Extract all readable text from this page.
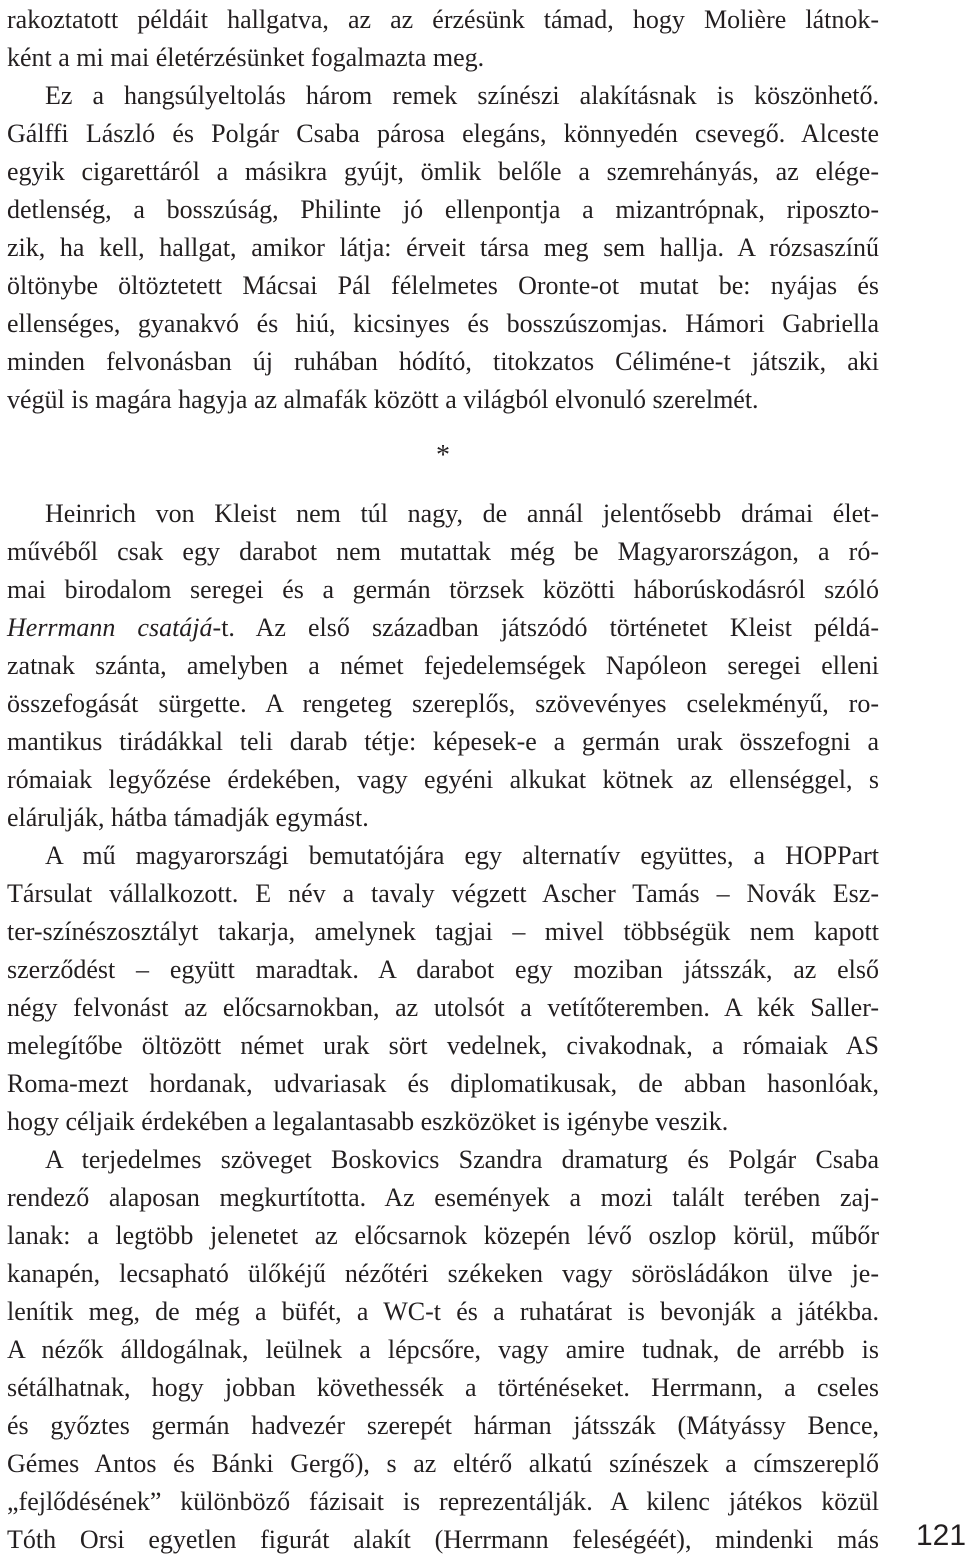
rakoztatott példáit hallgatva, az az érzésünk támad, hogy Molière látnok-
ként a mi mai életérzésünket fogalmazta meg.
Ez a hangsúlyeltolás három remek színészi alakításnak is köszönhető.
Gálffi László és Polgár Csaba párosa elegáns, könnyedén csevegő. Alceste
egyik cigarettáról a másikra gyújt, ömlik belőle a szemrehányás, az elége-
detlenség, a bosszúság, Philinte jó ellenpontja a mizantrópnak, riposzto-
zik, ha kell, hallgat, amikor látja: érveit társa meg sem hallja. A rózsaszínű
öltönybe öltöztetett Mácsai Pál félelmetes Oronte-ot mutat be: nyájas és
ellenséges, gyanakvó és hiú, kicsinyes és bosszúszomjas. Hámori Gabriella
minden felvonásban új ruhában hódító, titokzatos Céliméne-t játszik, aki
végül is magára hagyja az almafák között a világból elvonuló szerelmét.
*
Heinrich von Kleist nem túl nagy, de annál jelentősebb drámai élet-
művéből csak egy darabot nem mutattak még be Magyarországon, a ró-
mai birodalom seregei és a germán törzsek közötti háborúskodásról szóló
Herrmann csatájá-t. Az első században játszódó történetet Kleist példá-
zatnak szánta, amelyben a német fejedelemségek Napóleon seregei elleni
összefogását sürgette. A rengeteg szereplős, szövevényes cselekményű, ro-
mantikus tirádákkal teli darab tétje: képesek-e a germán urak összefogni a
rómaiak legyőzése érdekében, vagy egyéni alkukat kötnek az ellenséggel, s
elárulják, hátba támadják egymást.
A mű magyarországi bemutatójára egy alternatív együttes, a HOPPart
Társulat vállalkozott. E név a tavaly végzett Ascher Tamás – Novák Esz-
ter-színészosztályt takarja, amelynek tagjai – mivel többségük nem kapott
szerződést – együtt maradtak. A darabot egy moziban játsszák, az első
négy felvonást az előcsarnokban, az utolsót a vetítőteremben. A kék Saller-
melegítőbe öltözött német urak sört vedelnek, civakodnak, a rómaiak AS
Roma-mezt hordanak, udvariasak és diplomatikusak, de abban hasonlóak,
hogy céljaik érdekében a legalantasabb eszközöket is igénybe veszik.
A terjedelmes szöveget Boskovics Szandra dramaturg és Polgár Csaba
rendező alaposan megkurtította. Az események a mozi talált terében zaj-
lanak: a legtöbb jelenetet az előcsarnok közepén lévő oszlop körül, műbőr
kanapén, lecsapható ülőkéjű nézőtéri székeken vagy sörösládákon ülve je-
lenítik meg, de még a büfét, a WC-t és a ruhatárat is bevonják a játékba.
A nézők álldogálnak, leülnek a lépcsőre, vagy amire tudnak, de arrébb is
sétálhatnak, hogy jobban követhessék a történéseket. Herrmann, a cseles
és győztes germán hadvezér szerepét hárman játsszák (Mátyássy Bence,
Gémes Antos és Bánki Gergő), s az eltérő alkatú színészek a címszereplő
„fejlődésének” különböző fázisait is reprezentálják. A kilenc játékos közül
Tóth Orsi egyetlen figurát alakít (Herrmann feleségéét), mindenki más 121
